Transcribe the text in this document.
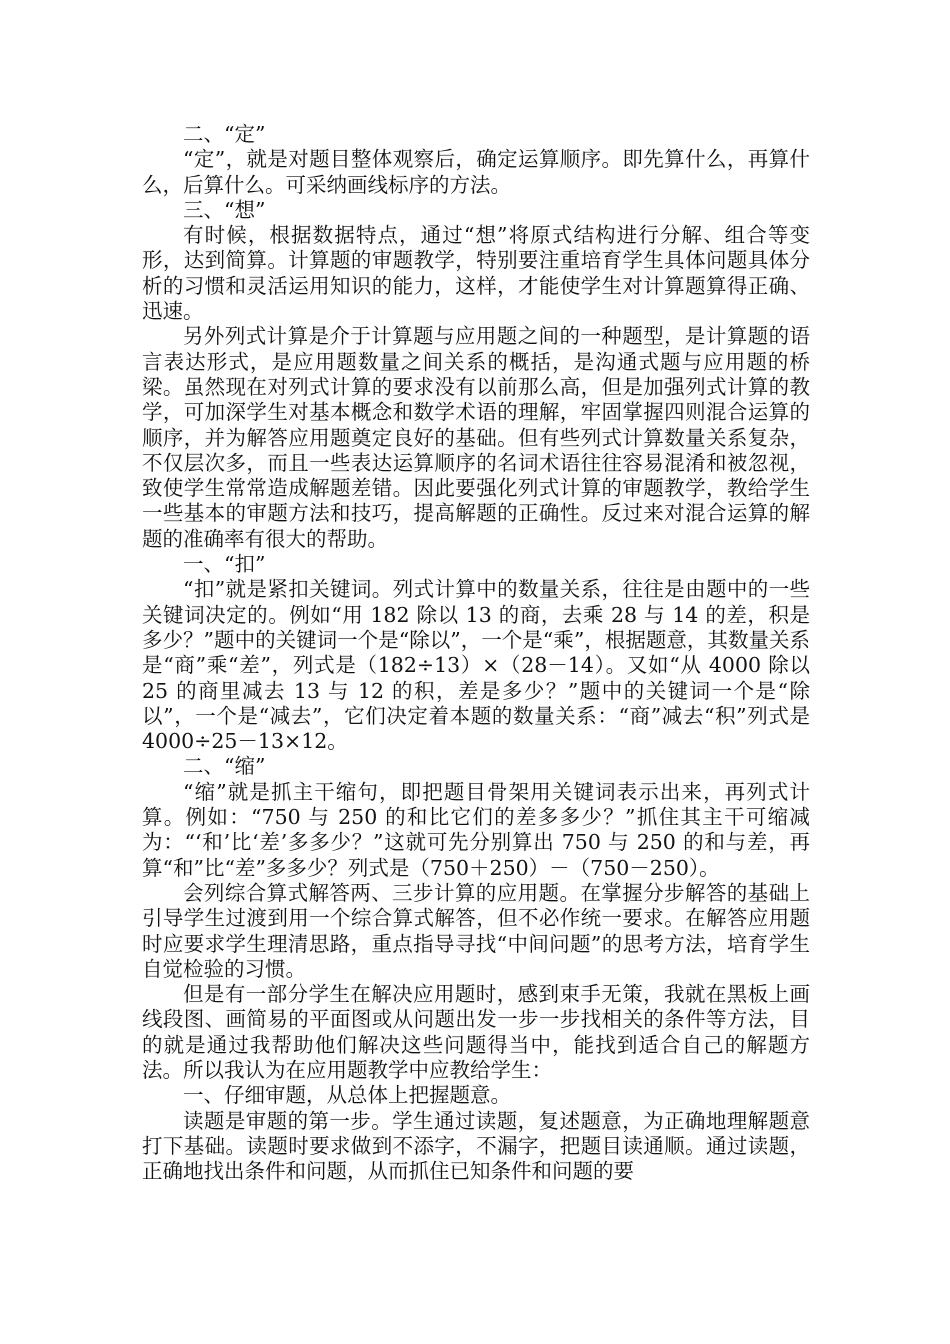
二、“定”

“定”，就是对题目整体观察后，确定运算顺序。即先算什么，再算什么，后算什么。可采纳画线标序的方法。

三、“想”

有时候，根据数据特点，通过“想”将原式结构进行分解、组合等变形，达到简算。计算题的审题教学，特别要注重培育学生具体问题具体分析的习惯和灵活运用知识的能力，这样，才能使学生对计算题算得正确、迅速。

另外列式计算是介于计算题与应用题之间的一种题型，是计算题的语言表达形式，是应用题数量之间关系的概括，是沟通式题与应用题的桥梁。虽然现在对列式计算的要求没有以前那么高，但是加强列式计算的教学，可加深学生对基本概念和数学术语的理解，牢固掌握四则混合运算的顺序，并为解答应用题奠定良好的基础。但有些列式计算数量关系复杂，不仅层次多，而且一些表达运算顺序的名词术语往往容易混淆和被忽视，致使学生常常造成解题差错。因此要强化列式计算的审题教学，教给学生一些基本的审题方法和技巧，提高解题的正确性。反过来对混合运算的解题的准确率有很大的帮助。

一、“扣”

“扣”就是紧扣关键词。列式计算中的数量关系，往往是由题中的一些关键词决定的。例如“用 182 除以 13 的商，去乘 28 与 14 的差，积是多少？”题中的关键词一个是“除以”，一个是“乘”，根据题意，其数量关系是“商”乘“差”，列式是（182÷13）×（28－14）。又如“从 4000 除以 25 的商里减去 13 与 12 的积，差是多少？”题中的关键词一个是“除以”，一个是“减去”，它们决定着本题的数量关系：“商”减去“积”列式是 4000÷25－13×12。

二、“缩”

“缩”就是抓主干缩句，即把题目骨架用关键词表示出来，再列式计算。例如：“750 与 250 的和比它们的差多多少？”抓住其主干可缩减为：“‘和’比‘差’多多少？”这就可先分别算出 750 与 250 的和与差，再算“和”比“差”多多少？列式是（750＋250）－（750－250）。

会列综合算式解答两、三步计算的应用题。在掌握分步解答的基础上引导学生过渡到用一个综合算式解答，但不必作统一要求。在解答应用题时应要求学生理清思路，重点指导寻找“中间问题”的思考方法，培育学生自觉检验的习惯。

但是有一部分学生在解决应用题时，感到束手无策，我就在黑板上画线段图、画简易的平面图或从问题出发一步一步找相关的条件等方法，目的就是通过我帮助他们解决这些问题得当中，能找到适合自己的解题方法。所以我认为在应用题教学中应教给学生：

一、仔细审题，从总体上把握题意。

读题是审题的第一步。学生通过读题，复述题意，为正确地理解题意打下基础。读题时要求做到不添字，不漏字，把题目读通顺。通过读题，正确地找出条件和问题，从而抓住已知条件和问题的要
